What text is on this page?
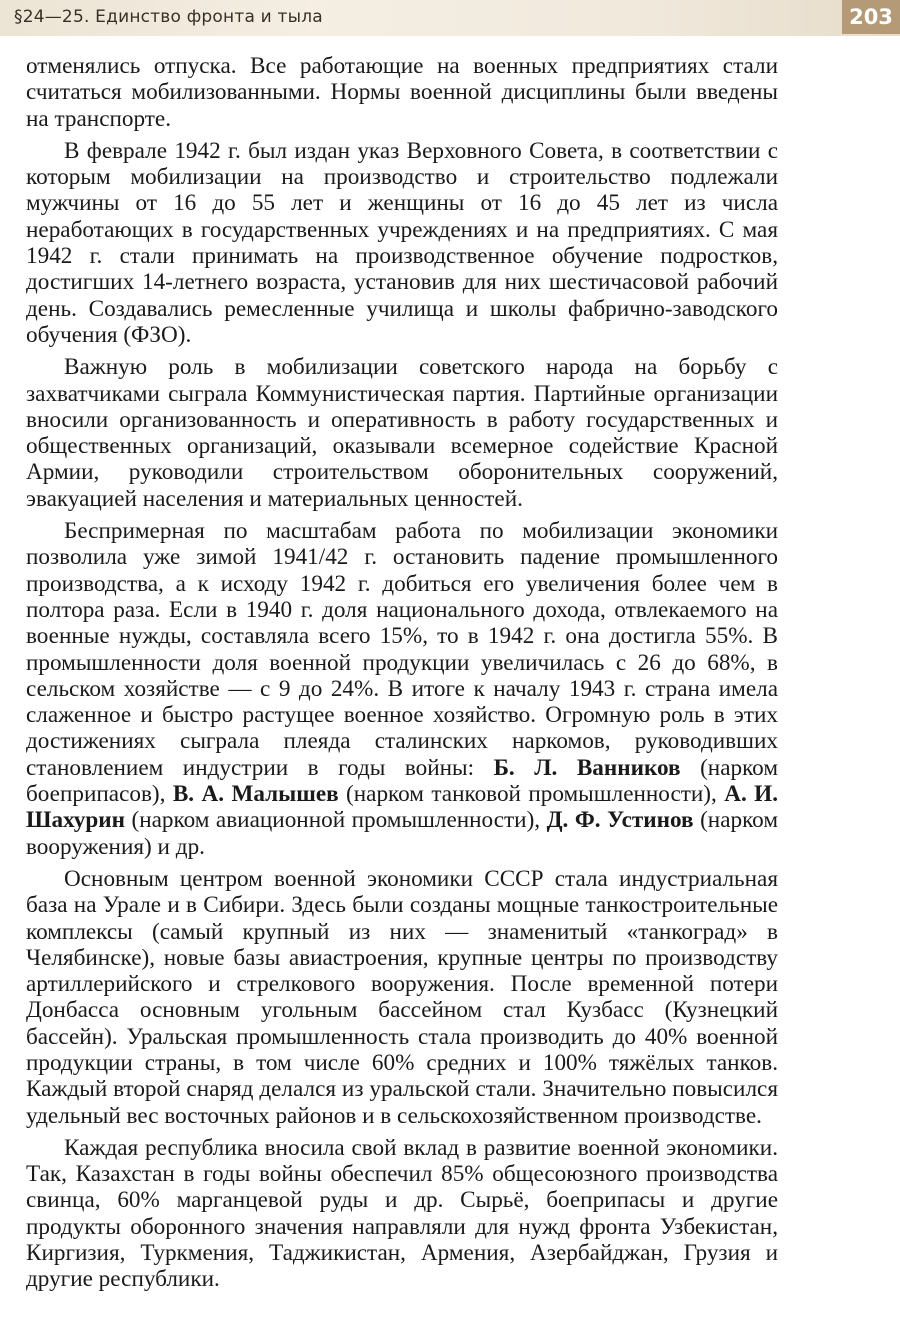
§24—25. Единство фронта и тыла	203

отменялись отпуска. Все работающие на военных предприятиях стали считаться мобилизованными. Нормы военной дисциплины были введены на транспорте.

В феврале 1942 г. был издан указ Верховного Совета, в соответствии с которым мобилизации на производство и строительство подлежали мужчины от 16 до 55 лет и женщины от 16 до 45 лет из числа неработающих в государственных учреждениях и на предприятиях. С мая 1942 г. стали принимать на производственное обучение подростков, достигших 14-летнего возраста, установив для них шестичасовой рабочий день. Создавались ремесленные училища и школы фабрично-заводского обучения (ФЗО).

Важную роль в мобилизации советского народа на борьбу с захватчиками сыграла Коммунистическая партия. Партийные организации вносили организованность и оперативность в работу государственных и общественных организаций, оказывали всемерное содействие Красной Армии, руководили строительством оборонительных сооружений, эвакуацией населения и материальных ценностей.

Беспримерная по масштабам работа по мобилизации экономики позволила уже зимой 1941/42 г. остановить падение промышленного производства, а к исходу 1942 г. добиться его увеличения более чем в полтора раза. Если в 1940 г. доля национального дохода, отвлекаемого на военные нужды, составляла всего 15%, то в 1942 г. она достигла 55%. В промышленности доля военной продукции увеличилась с 26 до 68%, в сельском хозяйстве — с 9 до 24%. В итоге к началу 1943 г. страна имела слаженное и быстро растущее военное хозяйство. Огромную роль в этих достижениях сыграла плеяда сталинских наркомов, руководивших становлением индустрии в годы войны: Б. Л. Ванников (нарком боеприпасов), В. А. Малышев (нарком танковой промышленности), А. И. Шахурин (нарком авиационной промышленности), Д. Ф. Устинов (нарком вооружения) и др.

Основным центром военной экономики СССР стала индустриальная база на Урале и в Сибири. Здесь были созданы мощные танкостроительные комплексы (самый крупный из них — знаменитый «танкоград» в Челябинске), новые базы авиастроения, крупные центры по производству артиллерийского и стрелкового вооружения. После временной потери Донбасса основным угольным бассейном стал Кузбасс (Кузнецкий бассейн). Уральская промышленность стала производить до 40% военной продукции страны, в том числе 60% средних и 100% тяжёлых танков. Каждый второй снаряд делался из уральской стали. Значительно повысился удельный вес восточных районов и в сельскохозяйственном производстве.

Каждая республика вносила свой вклад в развитие военной экономики. Так, Казахстан в годы войны обеспечил 85% общесоюзного производства свинца, 60% марганцевой руды и др. Сырьё, боеприпасы и другие продукты оборонного значения направляли для нужд фронта Узбекистан, Киргизия, Туркмения, Таджикистан, Армения, Азербайджан, Грузия и другие республики.
